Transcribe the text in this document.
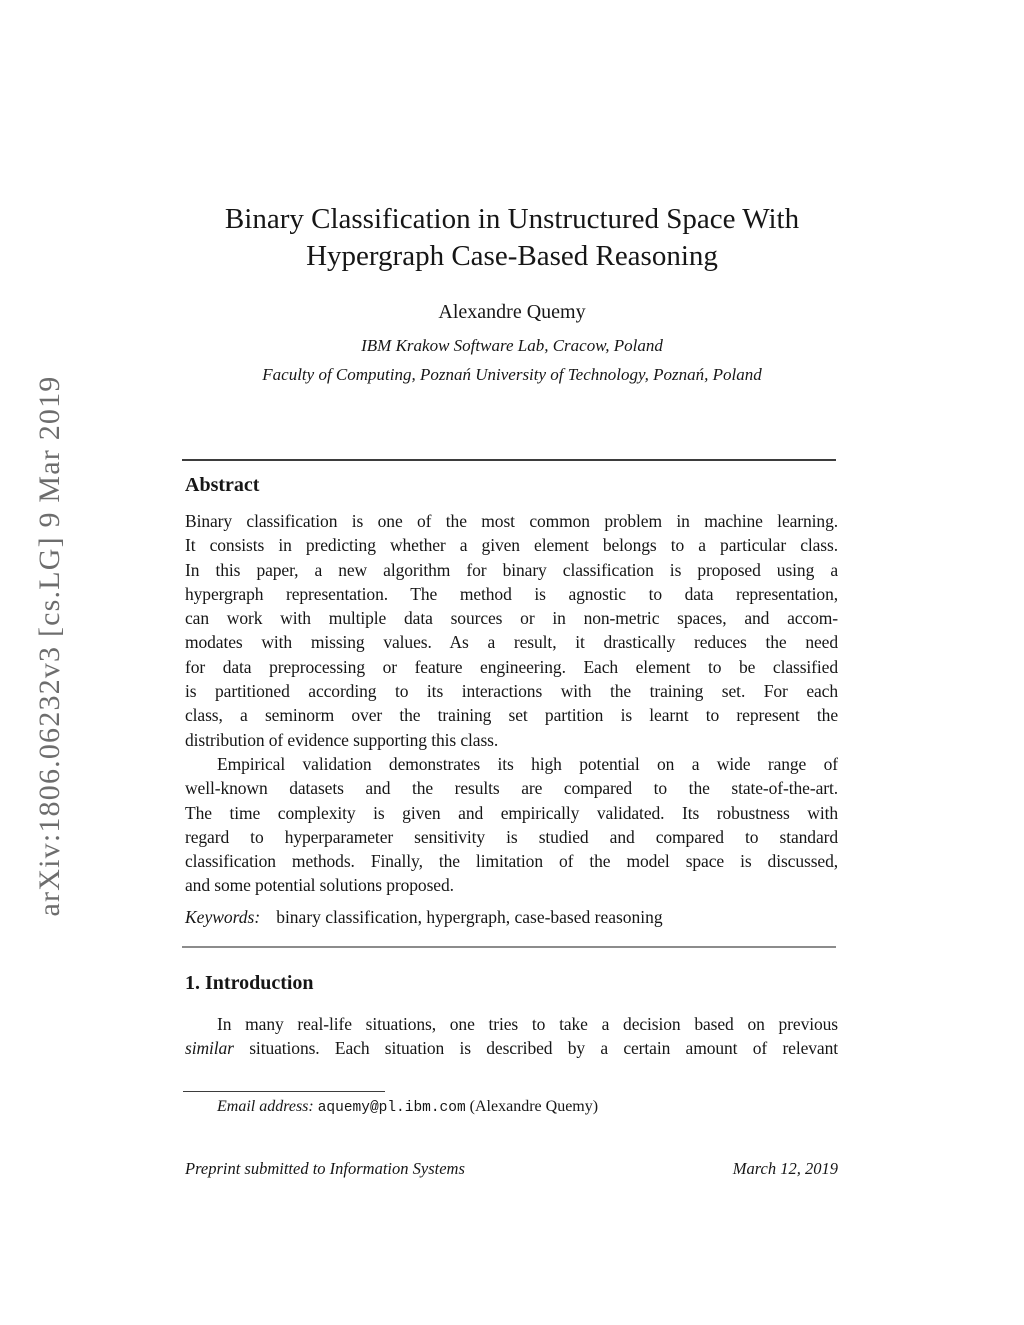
arXiv:1806.06232v3 [cs.LG] 9 Mar 2019
Binary Classification in Unstructured Space With
Hypergraph Case-Based Reasoning
Alexandre Quemy
IBM Krakow Software Lab, Cracow, Poland
Faculty of Computing, Poznań University of Technology, Poznań, Poland
Abstract
Binary classification is one of the most common problem in machine learning.
It consists in predicting whether a given element belongs to a particular class.
In this paper, a new algorithm for binary classification is proposed using a
hypergraph representation. The method is agnostic to data representation,
can work with multiple data sources or in non-metric spaces, and accom-
modates with missing values. As a result, it drastically reduces the need
for data preprocessing or feature engineering. Each element to be classified
is partitioned according to its interactions with the training set. For each
class, a seminorm over the training set partition is learnt to represent the
distribution of evidence supporting this class.
Empirical validation demonstrates its high potential on a wide range of
well-known datasets and the results are compared to the state-of-the-art.
The time complexity is given and empirically validated. Its robustness with
regard to hyperparameter sensitivity is studied and compared to standard
classification methods. Finally, the limitation of the model space is discussed,
and some potential solutions proposed.
Keywords: binary classification, hypergraph, case-based reasoning
1. Introduction
In many real-life situations, one tries to take a decision based on previous
similar situations. Each situation is described by a certain amount of relevant
Email address: aquemy@pl.ibm.com (Alexandre Quemy)
Preprint submitted to Information Systems	March 12, 2019
